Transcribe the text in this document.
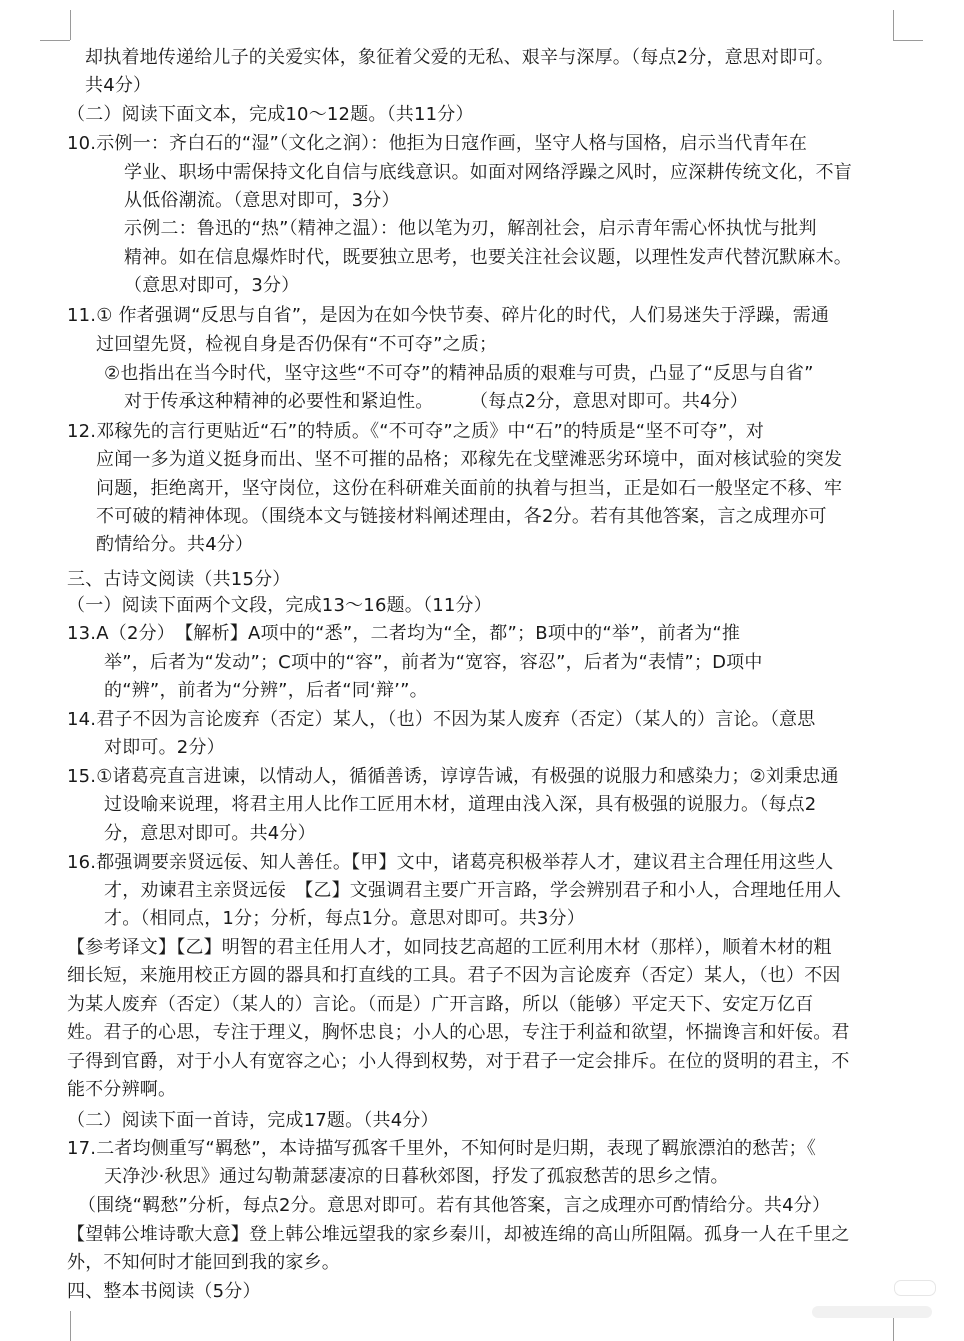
却执着地传递给儿子的关爱实体，象征着父爱的无私、艰辛与深厚。（每点2分，意思对即可。
共4分）
（二）阅读下面文本，完成10～12题。（共11分）
10.示例一：齐白石的“湿”（文化之润）：他拒为日寇作画，坚守人格与国格，启示当代青年在
学业、职场中需保持文化自信与底线意识。如面对网络浮躁之风时，应深耕传统文化，不盲
从低俗潮流。（意思对即可，3分）
示例二：鲁迅的“热”（精神之温）：他以笔为刃，解剖社会，启示青年需心怀执忧与批判
精神。如在信息爆炸时代，既要独立思考，也要关注社会议题，以理性发声代替沉默麻木。
（意思对即可，3分）
11.① 作者强调“反思与自省”，是因为在如今快节奏、碎片化的时代，人们易迷失于浮躁，需通
过回望先贤，检视自身是否仍保有“不可夺”之质；
②也指出在当今时代，坚守这些“不可夺”的精神品质的艰难与可贵，凸显了“反思与自省”
对于传承这种精神的必要性和紧迫性。　　　（每点2分，意思对即可。共4分）
12.邓稼先的言行更贴近“石”的特质。《“不可夺”之质》中“石”的特质是“坚不可夺”，对
应闻一多为道义挺身而出、坚不可摧的品格；邓稼先在戈壁滩恶劣环境中，面对核试验的突发
问题，拒绝离开，坚守岗位，这份在科研难关面前的执着与担当，正是如石一般坚定不移、牢
不可破的精神体现。（围绕本文与链接材料阐述理由，各2分。若有其他答案，言之成理亦可
酌情给分。共4分）
三、古诗文阅读（共15分）
（一）阅读下面两个文段，完成13～16题。（11分）
13.A（2分）　【解析】A项中的“悉”，二者均为“全，都”；B项中的“举”，前者为“推
举”，后者为“发动”；C项中的“容”，前者为“宽容，容忍”，后者为“表情”；D项中
的“辨”，前者为“分辨”，后者“同‘辩’”。
14.君子不因为言论废弃（否定）某人，（也）不因为某人废弃（否定）（某人的）言论。（意思
对即可。2分）
15.①诸葛亮直言进谏，以情动人，循循善诱，谆谆告诫，有极强的说服力和感染力；②刘秉忠通
过设喻来说理，将君主用人比作工匠用木材，道理由浅入深，具有极强的说服力。（每点2
分，意思对即可。共4分）
16.都强调要亲贤远佞、知人善任。【甲】文中，诸葛亮积极举荐人才，建议君主合理任用这些人
才，劝谏君主亲贤远佞　【乙】文强调君主要广开言路，学会辨别君子和小人，合理地任用人
才。（相同点，1分；分析，每点1分。意思对即可。共3分）
【参考译文】【乙】明智的君主任用人才，如同技艺高超的工匠利用木材（那样），顺着木材的粗
细长短，来施用校正方圆的器具和打直线的工具。君子不因为言论废弃（否定）某人，（也）不因
为某人废弃（否定）（某人的）言论。（而是）广开言路，所以（能够）平定天下、安定万亿百
姓。君子的心思，专注于理义，胸怀忠良；小人的心思，专注于利益和欲望，怀揣谗言和奸佞。君
子得到官爵，对于小人有宽容之心；小人得到权势，对于君子一定会排斥。在位的贤明的君主，不
能不分辨啊。
（二）阅读下面一首诗，完成17题。（共4分）
17.二者均侧重写“羁愁”，本诗描写孤客千里外，不知何时是归期，表现了羁旅漂泊的愁苦；《
天净沙·秋思》通过勾勒萧瑟凄凉的日暮秋郊图，抒发了孤寂愁苦的思乡之情。
（围绕“羁愁”分析，每点2分。意思对即可。若有其他答案，言之成理亦可酌情给分。共4分）
【望韩公堆诗歌大意】登上韩公堆远望我的家乡秦川，却被连绵的高山所阻隔。孤身一人在千里之
外，不知何时才能回到我的家乡。
四、整本书阅读（5分）
